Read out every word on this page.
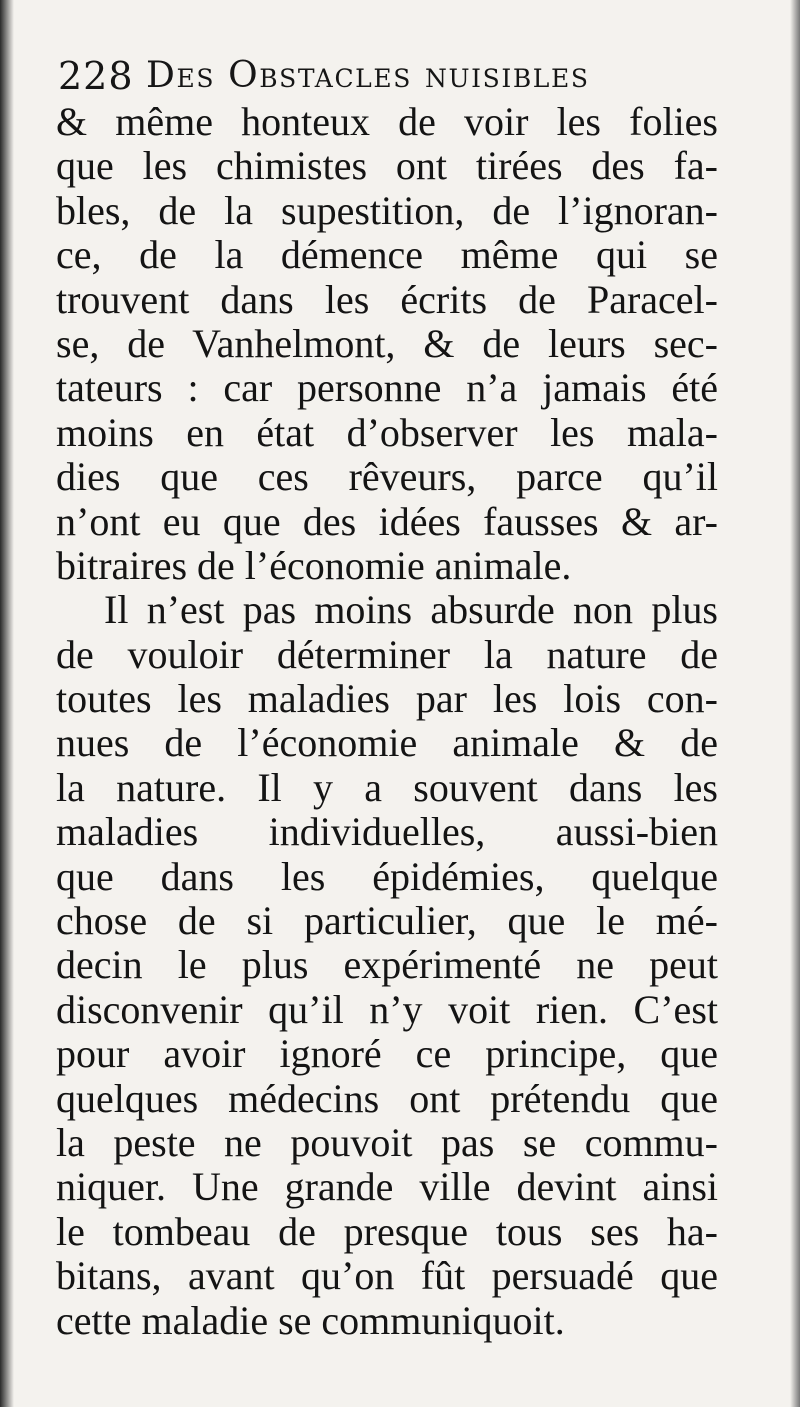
228 Des Obstacles nuisibles
& même honteux de voir les folies
que les chimistes ont tirées des fa-
bles, de la supestition, de l’ignoran-
ce, de la démence même qui se
trouvent dans les écrits de Paracel-
se, de Vanhelmont, & de leurs sec-
tateurs : car personne n’a jamais été
moins en état d’observer les mala-
dies que ces rêveurs, parce qu’il
n’ont eu que des idées fausses & ar-
bitraires de l’économie animale.
Il n’est pas moins absurde non plus
de vouloir déterminer la nature de
toutes les maladies par les lois con-
nues de l’économie animale & de
la nature. Il y a souvent dans les
maladies individuelles, aussi-bien
que dans les épidémies, quelque
chose de si particulier, que le mé-
decin le plus expérimenté ne peut
disconvenir qu’il n’y voit rien. C’est
pour avoir ignoré ce principe, que
quelques médecins ont prétendu que
la peste ne pouvoit pas se commu-
niquer. Une grande ville devint ainsi
le tombeau de presque tous ses ha-
bitans, avant qu’on fût persuadé que
cette maladie se communiquoit.
